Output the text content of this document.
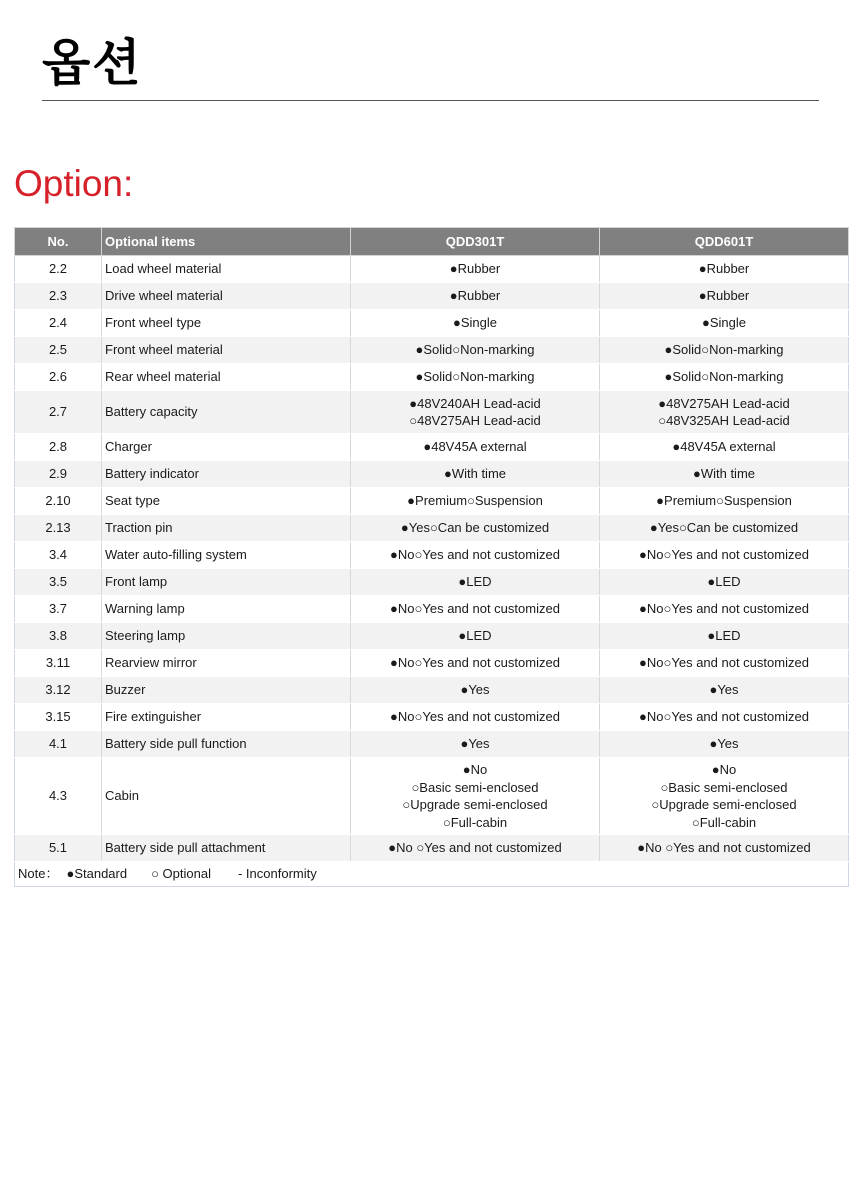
옵션
Option:
No.	Optional items	QDD301T	QDD601T
2.2	Load wheel material	●Rubber	●Rubber

2.3	Drive wheel material	●Rubber	●Rubber

2.4	Front wheel type	●Single	●Single

2.5	Front wheel material	●Solid○Non-marking	●Solid○Non-marking

2.6	Rear wheel material	●Solid○Non-marking	●Solid○Non-marking

2.7	Battery capacity	●48V240AH Lead-acid
○48V275AH Lead-acid	●48V275AH Lead-acid
○48V325AH Lead-acid

2.8	Charger	●48V45A external	●48V45A external

2.9	Battery indicator	●With time	●With time

2.10	Seat type	●Premium○Suspension	●Premium○Suspension

2.13	Traction pin	●Yes○Can be customized	●Yes○Can be customized

3.4	Water auto-filling system	●No○Yes and not customized	●No○Yes and not customized

3.5	Front lamp	●LED	●LED

3.7	Warning lamp	●No○Yes and not customized	●No○Yes and not customized

3.8	Steering lamp	●LED	●LED

3.11	Rearview mirror	●No○Yes and not customized	●No○Yes and not customized

3.12	Buzzer	●Yes	●Yes

3.15	Fire extinguisher	●No○Yes and not customized	●No○Yes and not customized

4.1	Battery side pull function	●Yes	●Yes

4.3	Cabin	●No
○Basic semi-enclosed
○Upgrade semi-enclosed
○Full-cabin	●No
○Basic semi-enclosed
○Upgrade semi-enclosed
○Full-cabin

5.1	Battery side pull attachment	●No ○Yes and not customized	●No ○Yes and not customized

Note： ●Standard ○ Optional - Inconformity			
